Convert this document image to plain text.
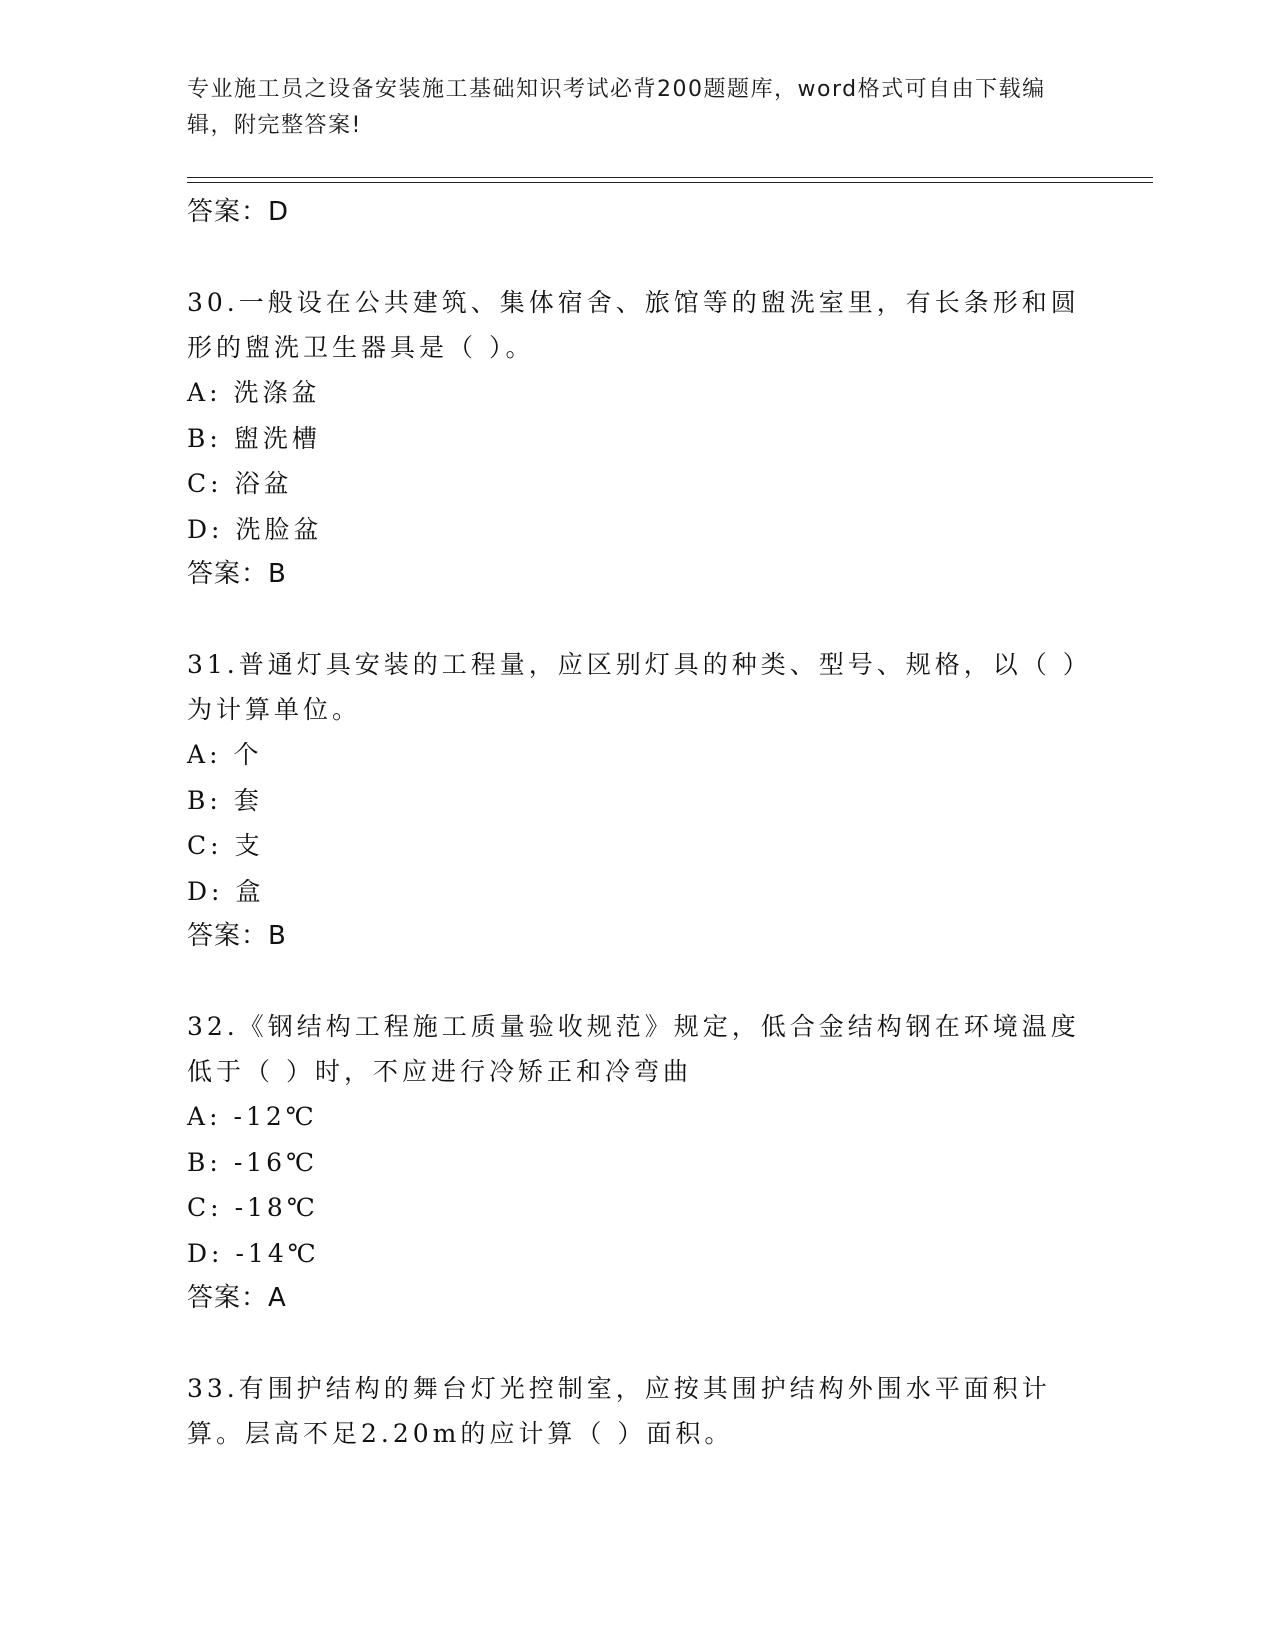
专业施工员之设备安装施工基础知识考试必背200题题库，word格式可自由下载编辑，附完整答案!
答案：D

30.一般设在公共建筑、集体宿舍、旅馆等的盥洗室里，有长条形和圆形的盥洗卫生器具是（ ）。

A: 洗涤盆
B: 盥洗槽
C: 浴盆
D: 洗脸盆
答案：B

31.普通灯具安装的工程量，应区别灯具的种类、型号、规格，以（ ）为计算单位。

A: 个
B: 套
C: 支
D: 盒
答案：B

32.《钢结构工程施工质量验收规范》规定，低合金结构钢在环境温度低于（ ）时，不应进行冷矫正和冷弯曲

A: -12℃
B: -16℃
C: -18℃
D: -14℃
答案：A

33.有围护结构的舞台灯光控制室，应按其围护结构外围水平面积计算。层高不足2.20m的应计算（ ）面积。
